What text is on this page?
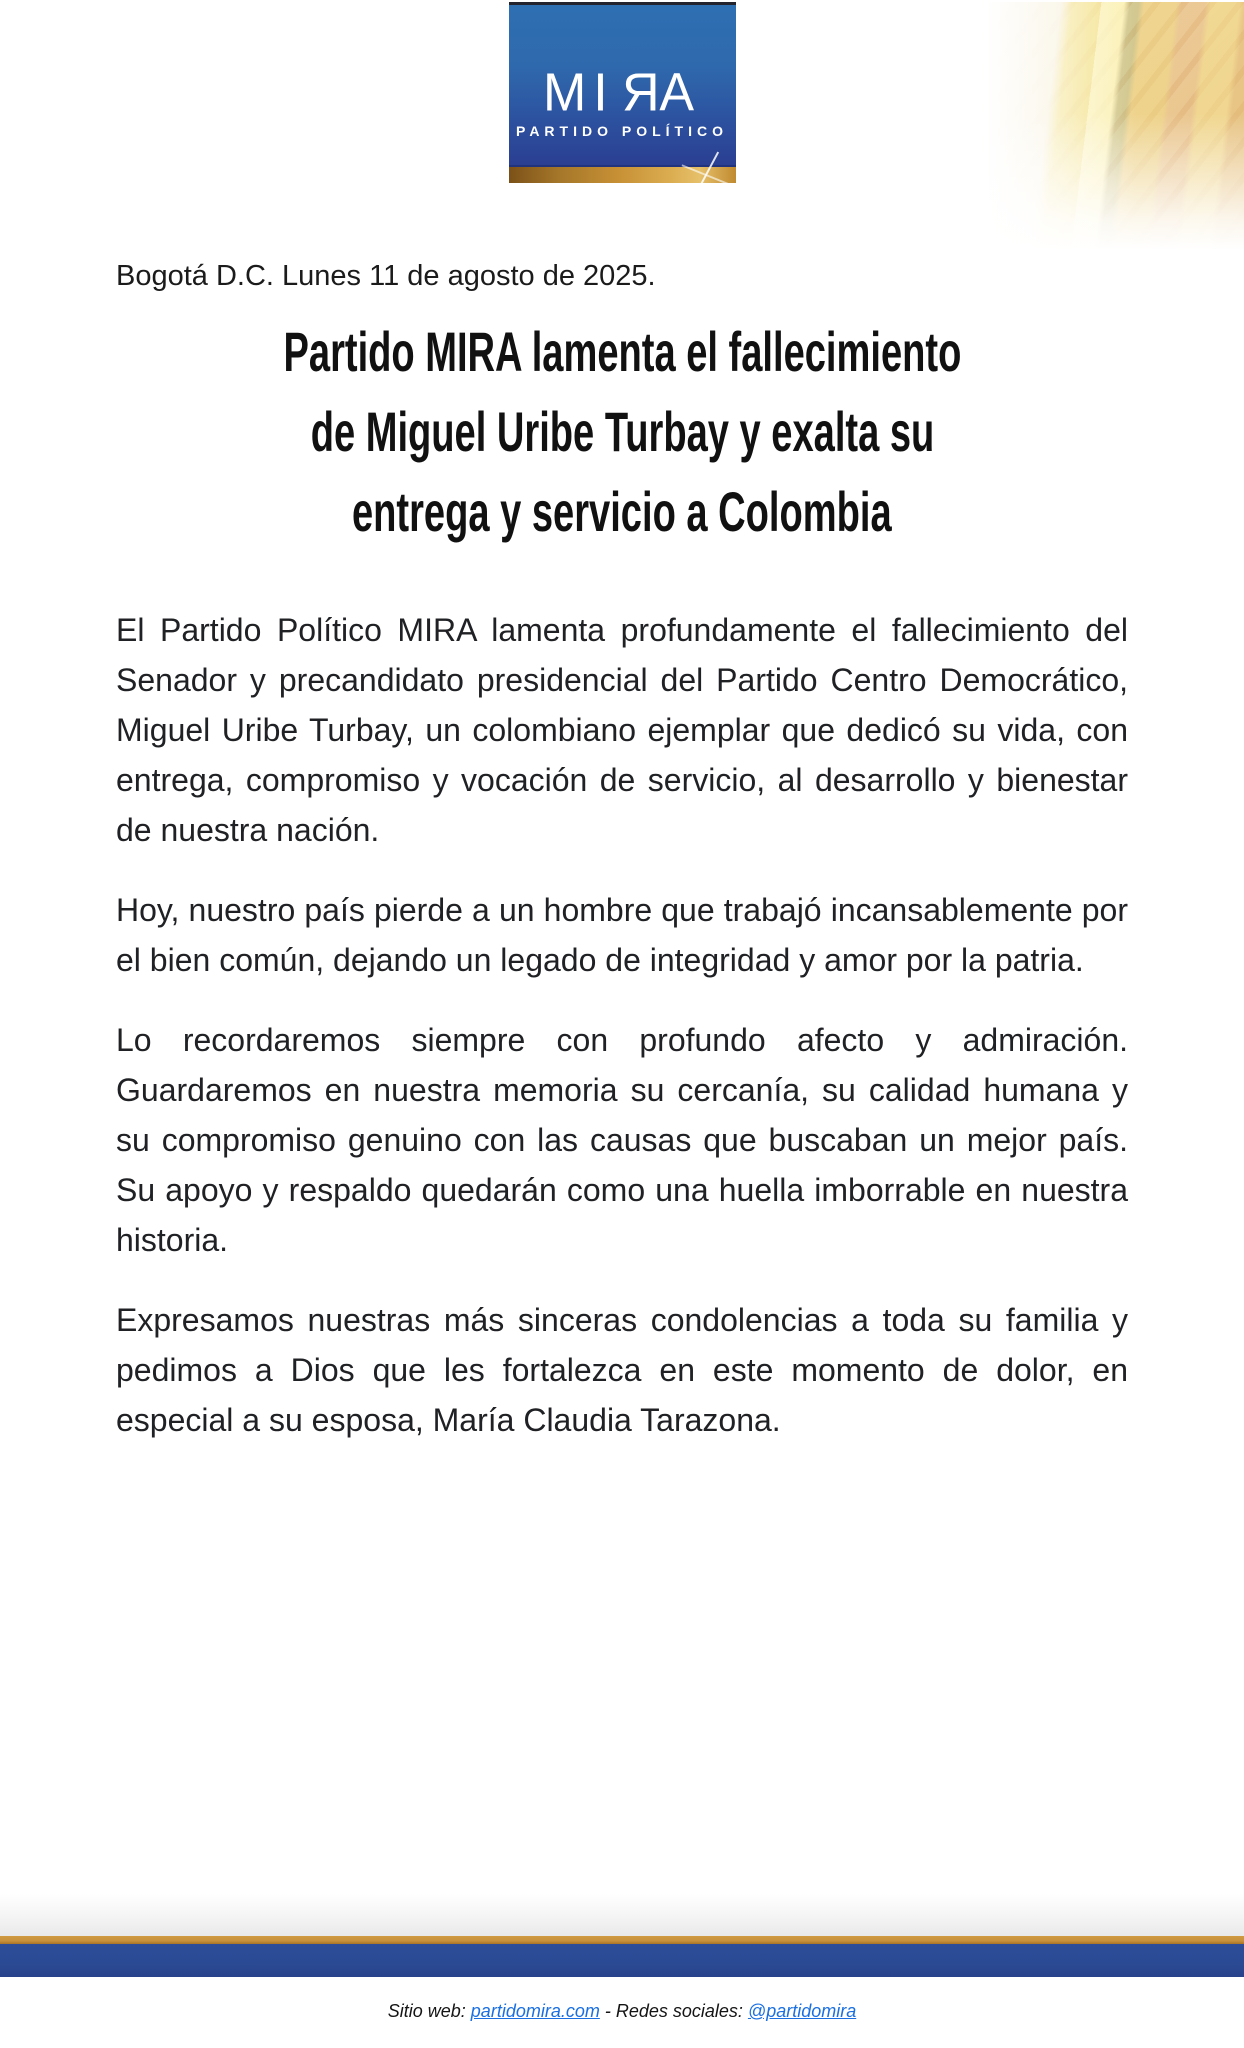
MIRA
PARTIDO POLÍTICO

Bogotá D.C. Lunes 11 de agosto de 2025.

Partido MIRA lamenta el fallecimiento
de Miguel Uribe Turbay y exalta su
entrega y servicio a Colombia

El Partido Político MIRA lamenta profundamente el fallecimiento del Senador y precandidato presidencial del Partido Centro Democrático, Miguel Uribe Turbay, un colombiano ejemplar que dedicó su vida, con entrega, compromiso y vocación de servicio, al desarrollo y bienestar de nuestra nación.

Hoy, nuestro país pierde a un hombre que trabajó incansablemente por el bien común, dejando un legado de integridad y amor por la patria.

Lo recordaremos siempre con profundo afecto y admiración. Guardaremos en nuestra memoria su cercanía, su calidad humana y su compromiso genuino con las causas que buscaban un mejor país. Su apoyo y respaldo quedarán como una huella imborrable en nuestra historia.

Expresamos nuestras más sinceras condolencias a toda su familia y pedimos a Dios que les fortalezca en este momento de dolor, en especial a su esposa, María Claudia Tarazona.

Sitio web: partidomira.com - Redes sociales: @partidomira
